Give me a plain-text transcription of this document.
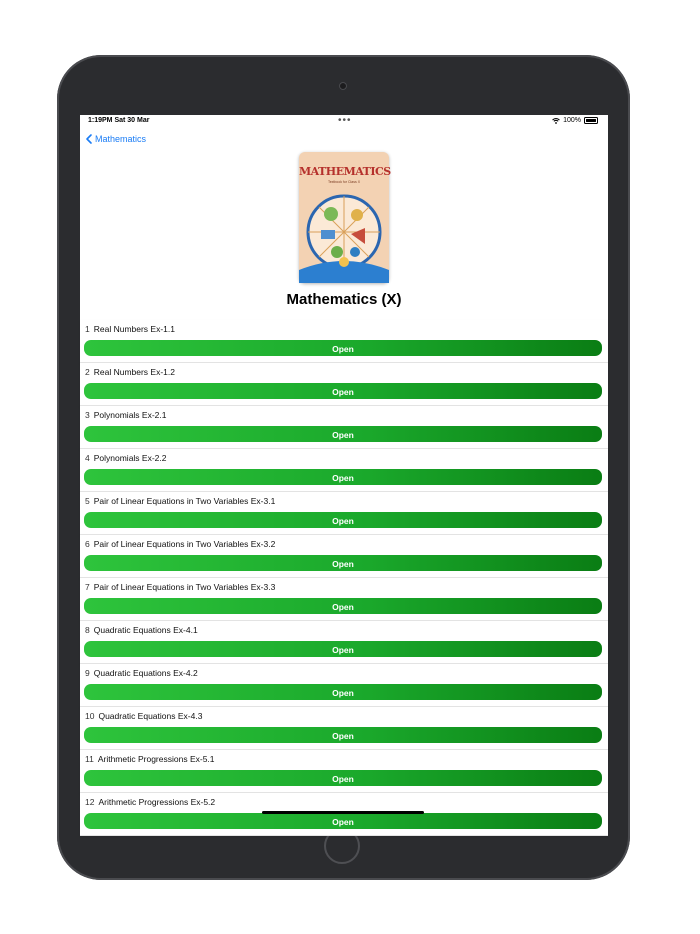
1:19PM Sat 30 Mar	•••	100%
Mathematics
MATHEMATICS
Textbook for Class X
Mathematics (X)
1 Real Numbers Ex-1.1
Open
2 Real Numbers Ex-1.2
Open
3 Polynomials Ex-2.1
Open
4 Polynomials Ex-2.2
Open
5 Pair of Linear Equations in Two Variables Ex-3.1
Open
6 Pair of Linear Equations in Two Variables Ex-3.2
Open
7 Pair of Linear Equations in Two Variables Ex-3.3
Open
8 Quadratic Equations Ex-4.1
Open
9 Quadratic Equations Ex-4.2
Open
10 Quadratic Equations Ex-4.3
Open
11 Arithmetic Progressions Ex-5.1
Open
12 Arithmetic Progressions Ex-5.2
Open
